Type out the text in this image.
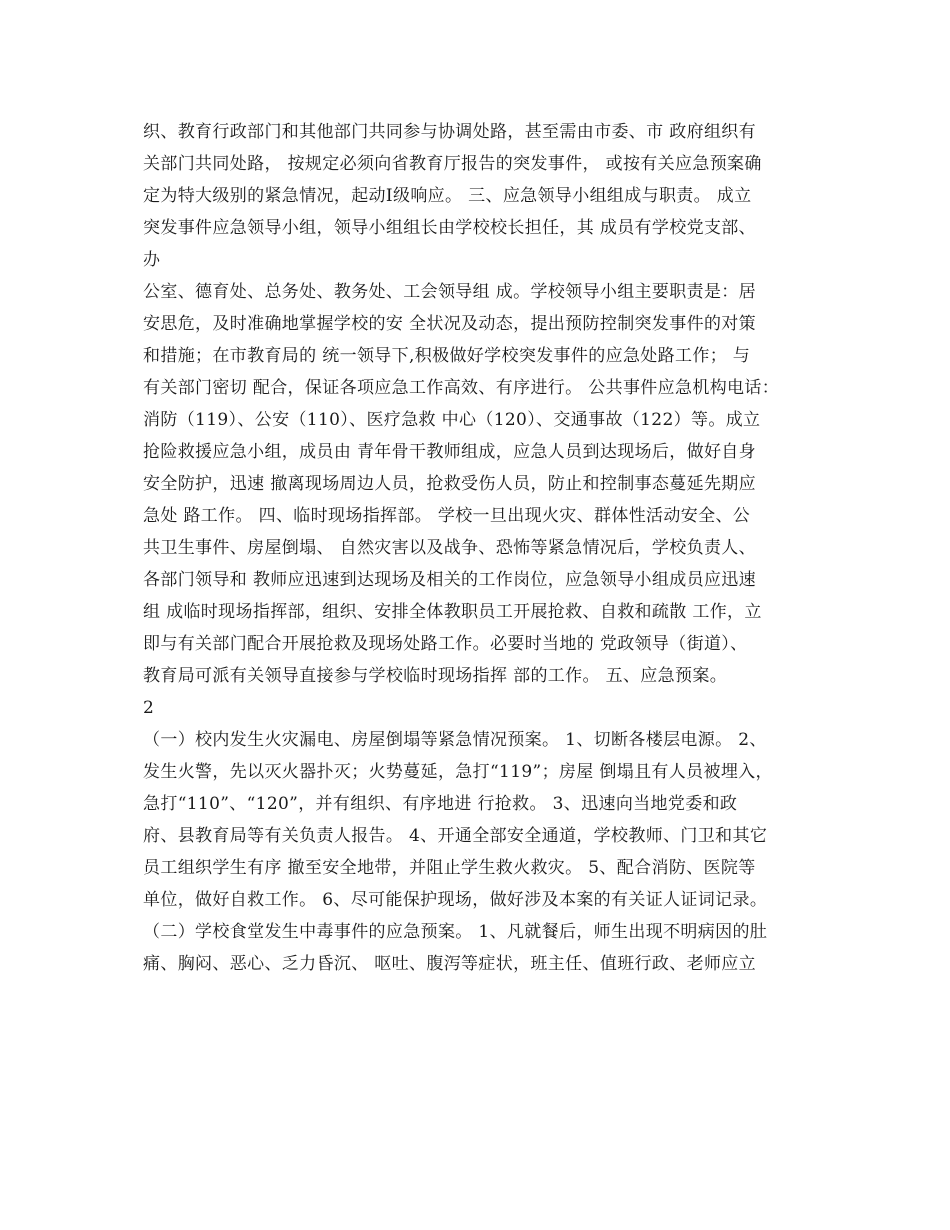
织、教育行政部门和其他部门共同参与协调处路，甚至需由市委、市 政府组织有
关部门共同处路， 按规定必须向省教育厅报告的突发事件， 或按有关应急预案确
定为特大级别的紧急情况，起动Ⅰ级响应。 三、应急领导小组组成与职责。 成立
突发事件应急领导小组，领导小组组长由学校校长担任，其 成员有学校党支部、
办
公室、德育处、总务处、教务处、工会领导组 成。学校领导小组主要职责是：居
安思危，及时准确地掌握学校的安 全状况及动态，提出预防控制突发事件的对策
和措施；在市教育局的 统一领导下,积极做好学校突发事件的应急处路工作； 与
有关部门密切 配合，保证各项应急工作高效、有序进行。 公共事件应急机构电话：
消防（119）、公安（110）、医疗急救 中心（120）、交通事故（122）等。成立
抢险救援应急小组，成员由 青年骨干教师组成，应急人员到达现场后，做好自身
安全防护，迅速 撤离现场周边人员，抢救受伤人员，防止和控制事态蔓延先期应
急处 路工作。 四、临时现场指挥部。 学校一旦出现火灾、群体性活动安全、公
共卫生事件、房屋倒塌、 自然灾害以及战争、恐怖等紧急情况后，学校负责人、
各部门领导和 教师应迅速到达现场及相关的工作岗位，应急领导小组成员应迅速
组 成临时现场指挥部，组织、安排全体教职员工开展抢救、自救和疏散 工作，立
即与有关部门配合开展抢救及现场处路工作。必要时当地的 党政领导（街道）、
教育局可派有关领导直接参与学校临时现场指挥 部的工作。 五、应急预案。
2
（一）校内发生火灾漏电、房屋倒塌等紧急情况预案。 1、切断各楼层电源。 2、
发生火警，先以灭火器扑灭；火势蔓延，急打“119”；房屋 倒塌且有人员被埋入，
急打“110”、“120”，并有组织、有序地进 行抢救。 3、迅速向当地党委和政
府、县教育局等有关负责人报告。 4、开通全部安全通道，学校教师、门卫和其它
员工组织学生有序 撤至安全地带，并阻止学生救火救灾。 5、配合消防、医院等
单位，做好自救工作。 6、尽可能保护现场，做好涉及本案的有关证人证词记录。
（二）学校食堂发生中毒事件的应急预案。 1、凡就餐后，师生出现不明病因的肚
痛、胸闷、恶心、乏力昏沉、 呕吐、腹泻等症状，班主任、值班行政、老师应立
